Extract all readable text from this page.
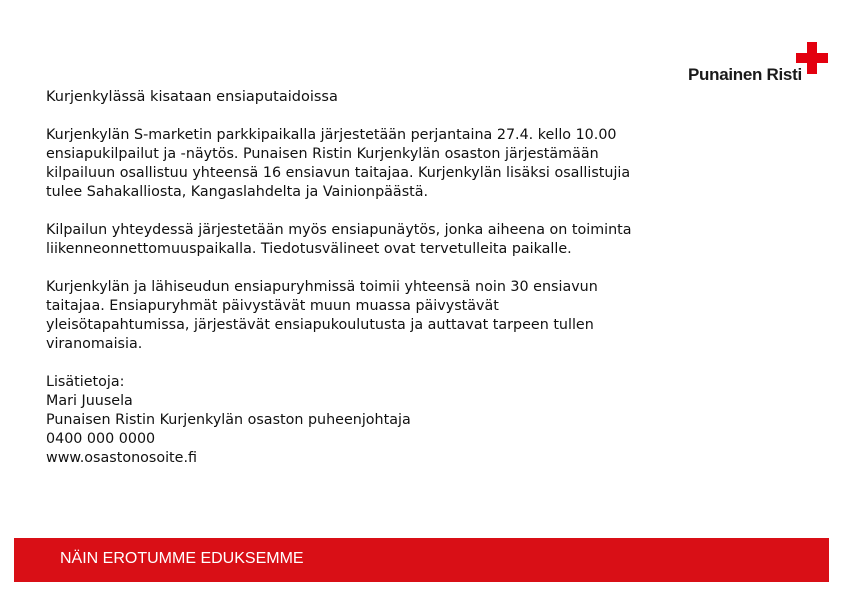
Punainen Risti
Kurjenkylässä kisataan ensiaputaidoissa

Kurjenkylän S-marketin parkkipaikalla järjestetään perjantaina 27.4. kello 10.00
ensiapukilpailut ja -näytös. Punaisen Ristin Kurjenkylän osaston järjestämään
kilpailuun osallistuu yhteensä 16 ensiavun taitajaa. Kurjenkylän lisäksi osallistujia
tulee Sahakalliosta, Kangaslahdelta ja Vainionpäästä.

Kilpailun yhteydessä järjestetään myös ensiapunäytös, jonka aiheena on toiminta
liikenneonnettomuuspaikalla. Tiedotusvälineet ovat tervetulleita paikalle.

Kurjenkylän ja lähiseudun ensiapuryhmissä toimii yhteensä noin 30 ensiavun
taitajaa. Ensiapuryhmät päivystävät muun muassa päivystävät
yleisötapahtumissa, järjestävät ensiapukoulutusta ja auttavat tarpeen tullen
viranomaisia.

Lisätietoja:
Mari Juusela
Punaisen Ristin Kurjenkylän osaston puheenjohtaja
0400 000 0000
www.osastonosoite.fi
NÄIN EROTUMME EDUKSEMME
